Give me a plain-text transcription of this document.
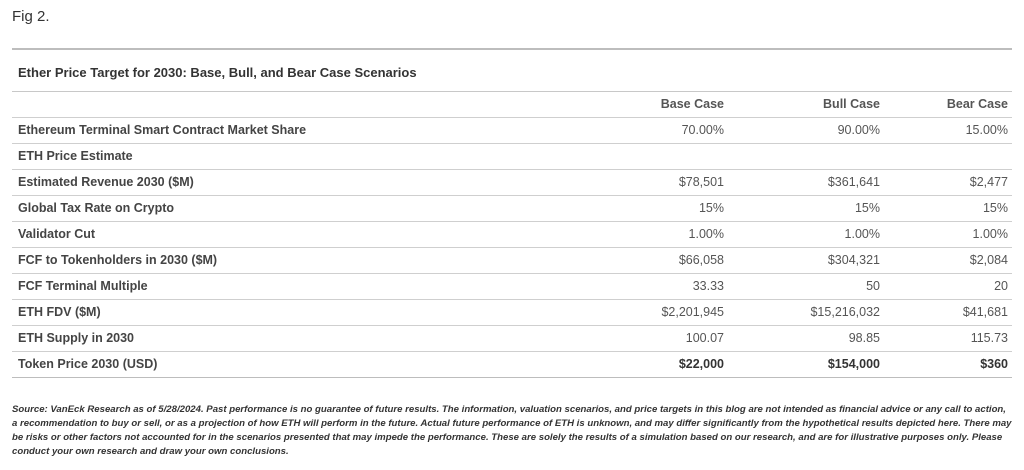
Fig 2.
Ether Price Target for 2030: Base, Bull, and Bear Case Scenarios
	Base Case	Bull Case	Bear Case
Ethereum Terminal Smart Contract Market Share	70.00%	90.00%	15.00%
ETH Price Estimate			
Estimated Revenue 2030 ($M)	$78,501	$361,641	$2,477
Global Tax Rate on Crypto	15%	15%	15%
Validator Cut	1.00%	1.00%	1.00%
FCF to Tokenholders in 2030 ($M)	$66,058	$304,321	$2,084
FCF Terminal Multiple	33.33	50	20
ETH FDV ($M)	$2,201,945	$15,216,032	$41,681
ETH Supply in 2030	100.07	98.85	115.73
Token Price 2030 (USD)	$22,000	$154,000	$360
Source: VanEck Research as of 5/28/2024. Past performance is no guarantee of future results. The information, valuation scenarios, and price targets in this blog are not intended as financial advice or any call to action, a recommendation to buy or sell, or as a projection of how ETH will perform in the future. Actual future performance of ETH is unknown, and may differ significantly from the hypothetical results depicted here. There may be risks or other factors not accounted for in the scenarios presented that may impede the performance. These are solely the results of a simulation based on our research, and are for illustrative purposes only. Please conduct your own research and draw your own conclusions.
